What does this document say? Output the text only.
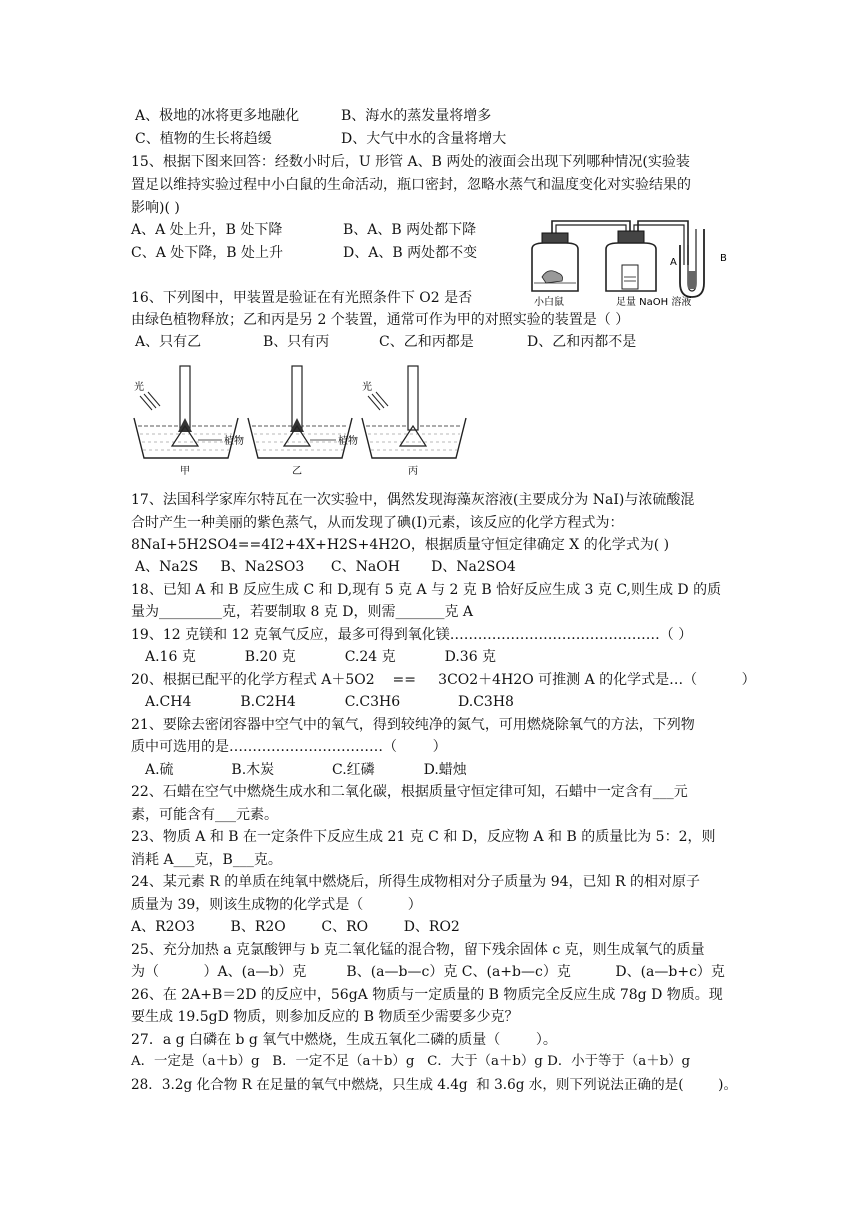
A、极地的冰将更多地融化	B、海水的蒸发量将增多
C、植物的生长将趋缓	D、大气中水的含量将增大
15、根据下图来回答：经数小时后，U 形管 A、B 两处的液面会出现下列哪种情况(实验装
置足以维持实验过程中小白鼠的生命活动，瓶口密封，忽略水蒸气和温度变化对实验结果的
影响)( )
A、A 处上升，B 处下降	B、A、B 两处都下降
C、A 处下降，B 处上升	D、A、B 两处都不变
A	B
小白鼠	足量 NaOH 溶液
16、下列图中，甲装置是验证在有光照条件下 O2 是否
由绿色植物释放；乙和丙是另 2 个装置，通常可作为甲的对照实验的装置是（ ）
A、只有乙	B、只有丙	C、乙和丙都是	D、乙和丙都不是
光	光
植物	植物
甲	乙	丙
17、法国科学家库尔特瓦在一次实验中，偶然发现海藻灰溶液(主要成分为 NaI)与浓硫酸混
合时产生一种美丽的紫色蒸气，从而发现了碘(I)元素，该反应的化学方程式为：
8NaI+5H2SO4==4I2+4X+H2S+4H2O，根据质量守恒定律确定 X 的化学式为( )
A、Na2S     B、Na2SO3      C、NaOH       D、Na2SO4
18、已知 A 和 B 反应生成 C 和 D,现有 5 克 A 与 2 克 B 恰好反应生成 3 克 C,则生成 D 的质
量为_________克，若要制取 8 克 D，则需_______克 A
19、12 克镁和 12 克氧气反应，最多可得到氧化镁………………………………………（ ）
A.16 克           B.20 克           C.24 克           D.36 克
20、根据已配平的化学方程式 A＋5O2    ==     3CO2＋4H2O 可推测 A 的化学式是…（          ）
A.CH4           B.C2H4           C.C3H6             D.C3H8
21、要除去密闭容器中空气中的氧气，得到较纯净的氮气，可用燃烧除氧气的方法，下列物
质中可选用的是……………………………（        ）
A.硫             B.木炭             C.红磷           D.蜡烛
22、石蜡在空气中燃烧生成水和二氧化碳，根据质量守恒定律可知，石蜡中一定含有___元
素，可能含有___元素。
23、物质 A 和 B 在一定条件下反应生成 21 克 C 和 D，反应物 A 和 B 的质量比为 5：2，则
消耗 A___克，B___克。
24、某元素 R 的单质在纯氧中燃烧后，所得生成物相对分子质量为 94，已知 R 的相对原子
质量为 39，则该生成物的化学式是（          ）
A、R2O3        B、R2O        C、RO        D、RO2
25、充分加热 a 克氯酸钾与 b 克二氧化锰的混合物，留下残余固体 c 克，则生成氧气的质量
为（          ）A、(a—b）克         B、(a—b—c）克 C、(a+b—c）克          D、(a—b+c）克
26、在 2A+B＝2D 的反应中，56gA 物质与一定质量的 B 物质完全反应生成 78g D 物质。现
要生成 19.5gD 物质，则参加反应的 B 物质至少需要多少克？
27．a g 白磷在 b g 氧气中燃烧，生成五氧化二磷的质量（        ）。
A．一定是（a＋b）g   B．一定不足（a＋b）g   C．大于（a＋b）g D．小于等于（a＋b）g
28．3.2g 化合物 R 在足量的氧气中燃烧，只生成 4.4g  和 3.6g 水，则下列说法正确的是(        )。
